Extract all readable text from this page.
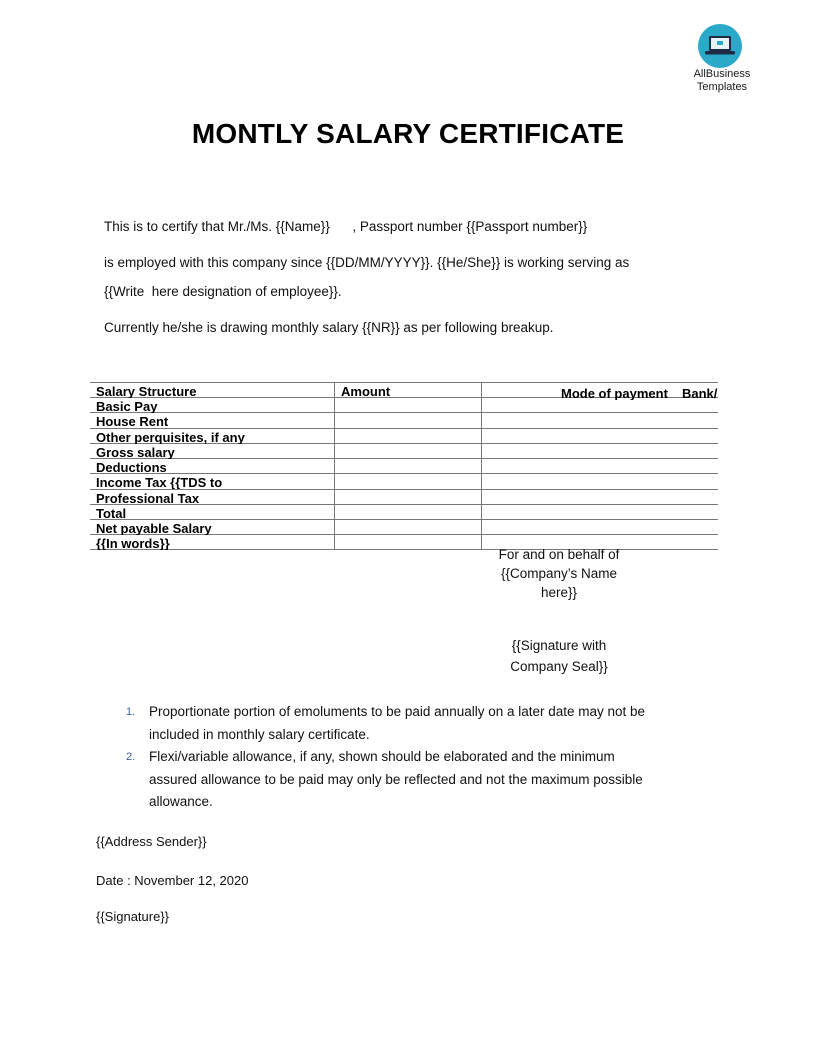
AllBusiness
Templates
MONTLY SALARY CERTIFICATE
This is to certify that Mr./Ms. {{Name}}      , Passport number {{Passport number}}
is employed with this company since {{DD/MM/YYYY}}. {{He/She}} is working serving as
{{Write  here designation of employee}}.
Currently he/she is drawing monthly salary {{NR}} as per following breakup.
Salary Structure	Amount	Mode of payment Bank/
Basic Pay
House Rent
Other perquisites, if any
Gross salary
Deductions
Income Tax {{TDS to
Professional Tax
Total
Net payable Salary
{{In words}}
For and on behalf of
{{Company’s Name
here}}
{{Signature with
Company Seal}}
1. Proportionate portion of emoluments to be paid annually on a later date may not be
included in monthly salary certificate.
2. Flexi/variable allowance, if any, shown should be elaborated and the minimum
assured allowance to be paid may only be reflected and not the maximum possible
allowance.
{{Address Sender}}
Date : November 12, 2020
{{Signature}}
